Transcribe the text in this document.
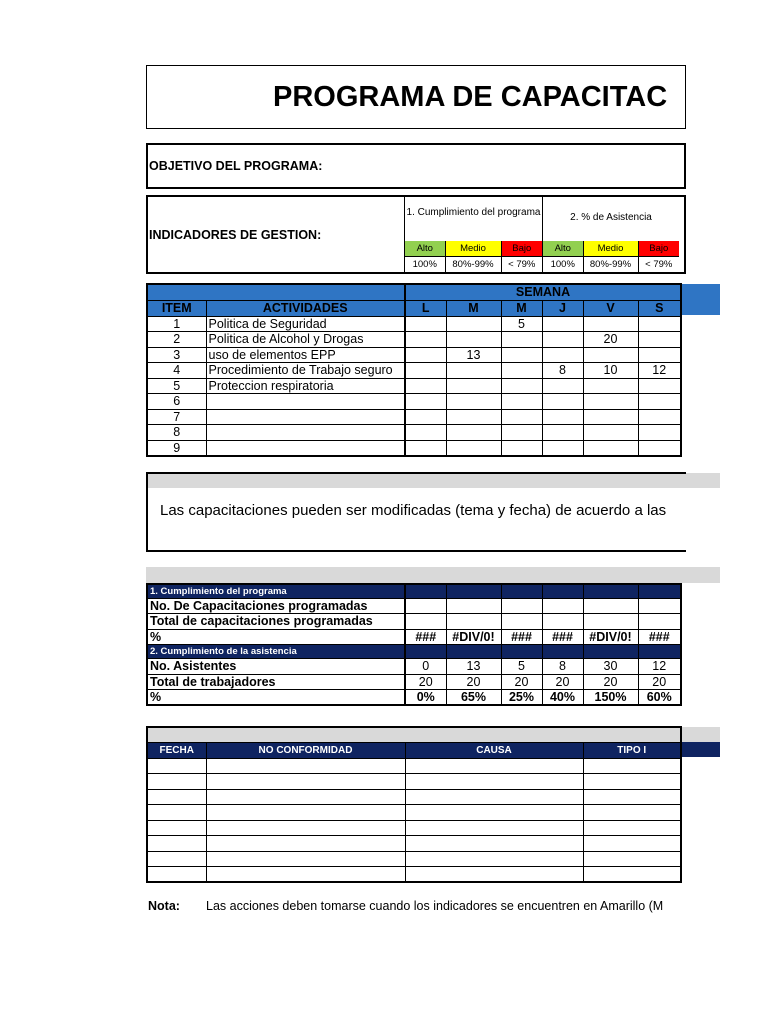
PROGRAMA DE CAPACITAC
OBJETIVO DEL PROGRAMA:
INDICADORES DE GESTION:
1. Cumplimiento del programa	2. % de Asistencia
Alto	Medio	Bajo
100%	80%-99%	< 79%
Alto	Medio	Bajo
100%	80%-99%	< 79%
		SEMANA					
ITEM	ACTIVIDADES	L	M	M	J	V	S
1	Politica de Seguridad			5			
2	Politica de Alcohol y Drogas					20	
3	uso de elementos EPP		13				
4	Procedimiento de Trabajo seguro				8	10	12
5	Proteccion respiratoria						
6							
7							
8							
9							
Las capacitaciones pueden ser modificadas (tema y fecha) de acuerdo a las
1. Cumplimiento del programa						
No. De Capacitaciones programadas						
Total de capacitaciones programadas						
%	###	#DIV/0!	###	###	#DIV/0!	###
2. Cumplimiento de la asistencia						
No. Asistentes	0	13	5	8	30	12
Total de trabajadores	20	20	20	20	20	20
%	0%	65%	25%	40%	150%	60%

FECHA	NO CONFORMIDAD	CAUSA	TIPO I

Nota: Las acciones deben tomarse cuando los indicadores se encuentren en Amarillo (M
